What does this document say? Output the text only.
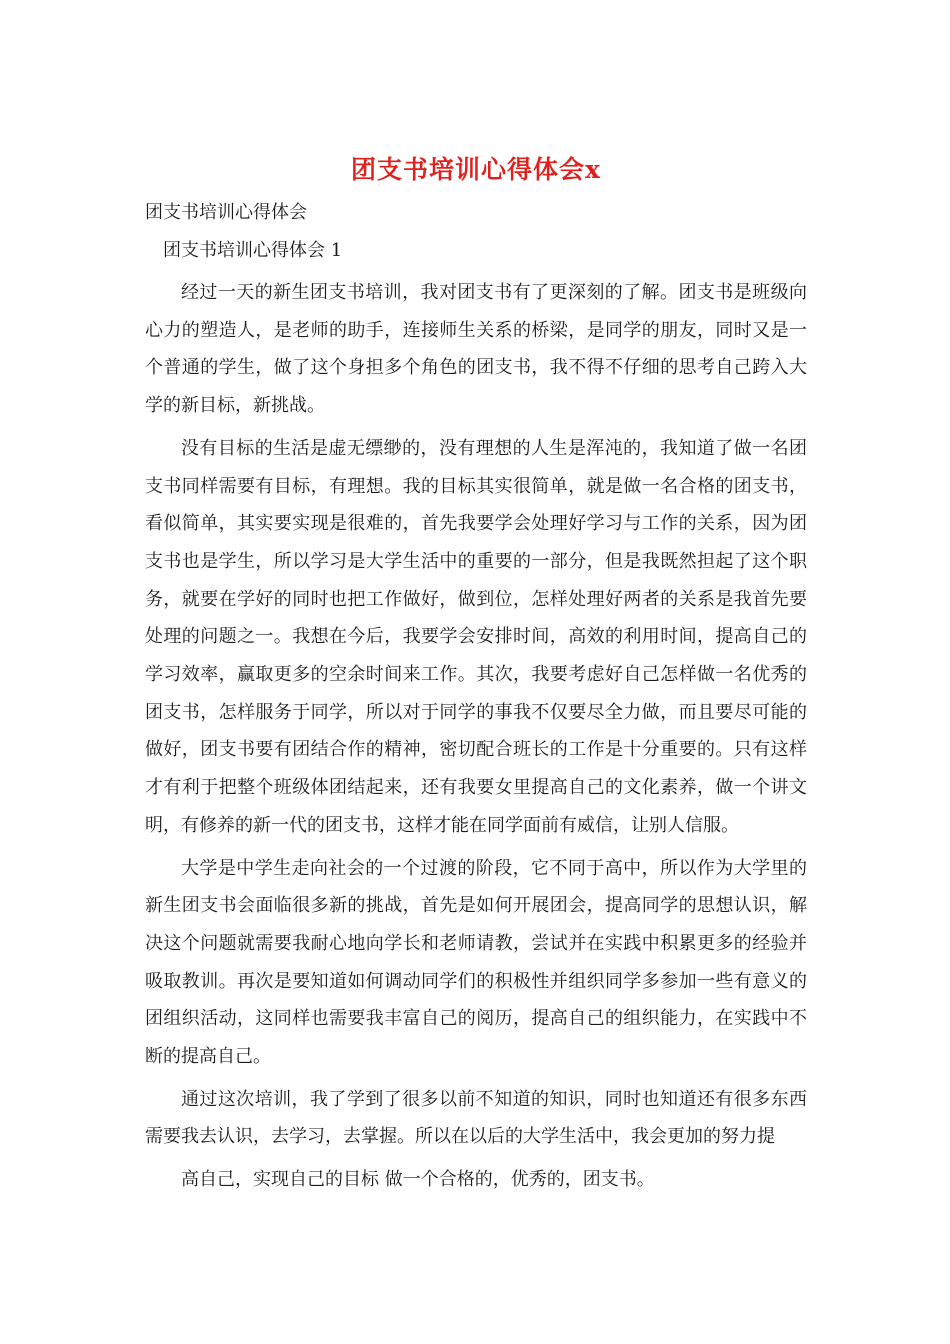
团支书培训心得体会x
团支书培训心得体会
　团支书培训心得体会 1

经过一天的新生团支书培训，我对团支书有了更深刻的了解。团支书是班级向心力的塑造人，是老师的助手，连接师生关系的桥梁，是同学的朋友，同时又是一个普通的学生，做了这个身担多个角色的团支书，我不得不仔细的思考自己跨入大学的新目标，新挑战。

没有目标的生活是虚无缥缈的，没有理想的人生是浑沌的，我知道了做一名团支书同样需要有目标，有理想。我的目标其实很简单，就是做一名合格的团支书，看似简单，其实要实现是很难的，首先我要学会处理好学习与工作的关系，因为团支书也是学生，所以学习是大学生活中的重要的一部分，但是我既然担起了这个职务，就要在学好的同时也把工作做好，做到位，怎样处理好两者的关系是我首先要处理的问题之一。我想在今后，我要学会安排时间，高效的利用时间，提高自己的学习效率，赢取更多的空余时间来工作。其次，我要考虑好自己怎样做一名优秀的团支书，怎样服务于同学，所以对于同学的事我不仅要尽全力做，而且要尽可能的做好，团支书要有团结合作的精神，密切配合班长的工作是十分重要的。只有这样才有利于把整个班级体团结起来，还有我要女里提高自己的文化素养，做一个讲文明，有修养的新一代的团支书，这样才能在同学面前有威信，让别人信服。

大学是中学生走向社会的一个过渡的阶段，它不同于高中，所以作为大学里的新生团支书会面临很多新的挑战，首先是如何开展团会，提高同学的思想认识，解决这个问题就需要我耐心地向学长和老师请教，尝试并在实践中积累更多的经验并吸取教训。再次是要知道如何调动同学们的积极性并组织同学多参加一些有意义的团组织活动，这同样也需要我丰富自己的阅历，提高自己的组织能力，在实践中不断的提高自己。

通过这次培训，我了学到了很多以前不知道的知识，同时也知道还有很多东西需要我去认识，去学习，去掌握。所以在以后的大学生活中，我会更加的努力提

高自己，实现自己的目标 做一个合格的，优秀的，团支书。
